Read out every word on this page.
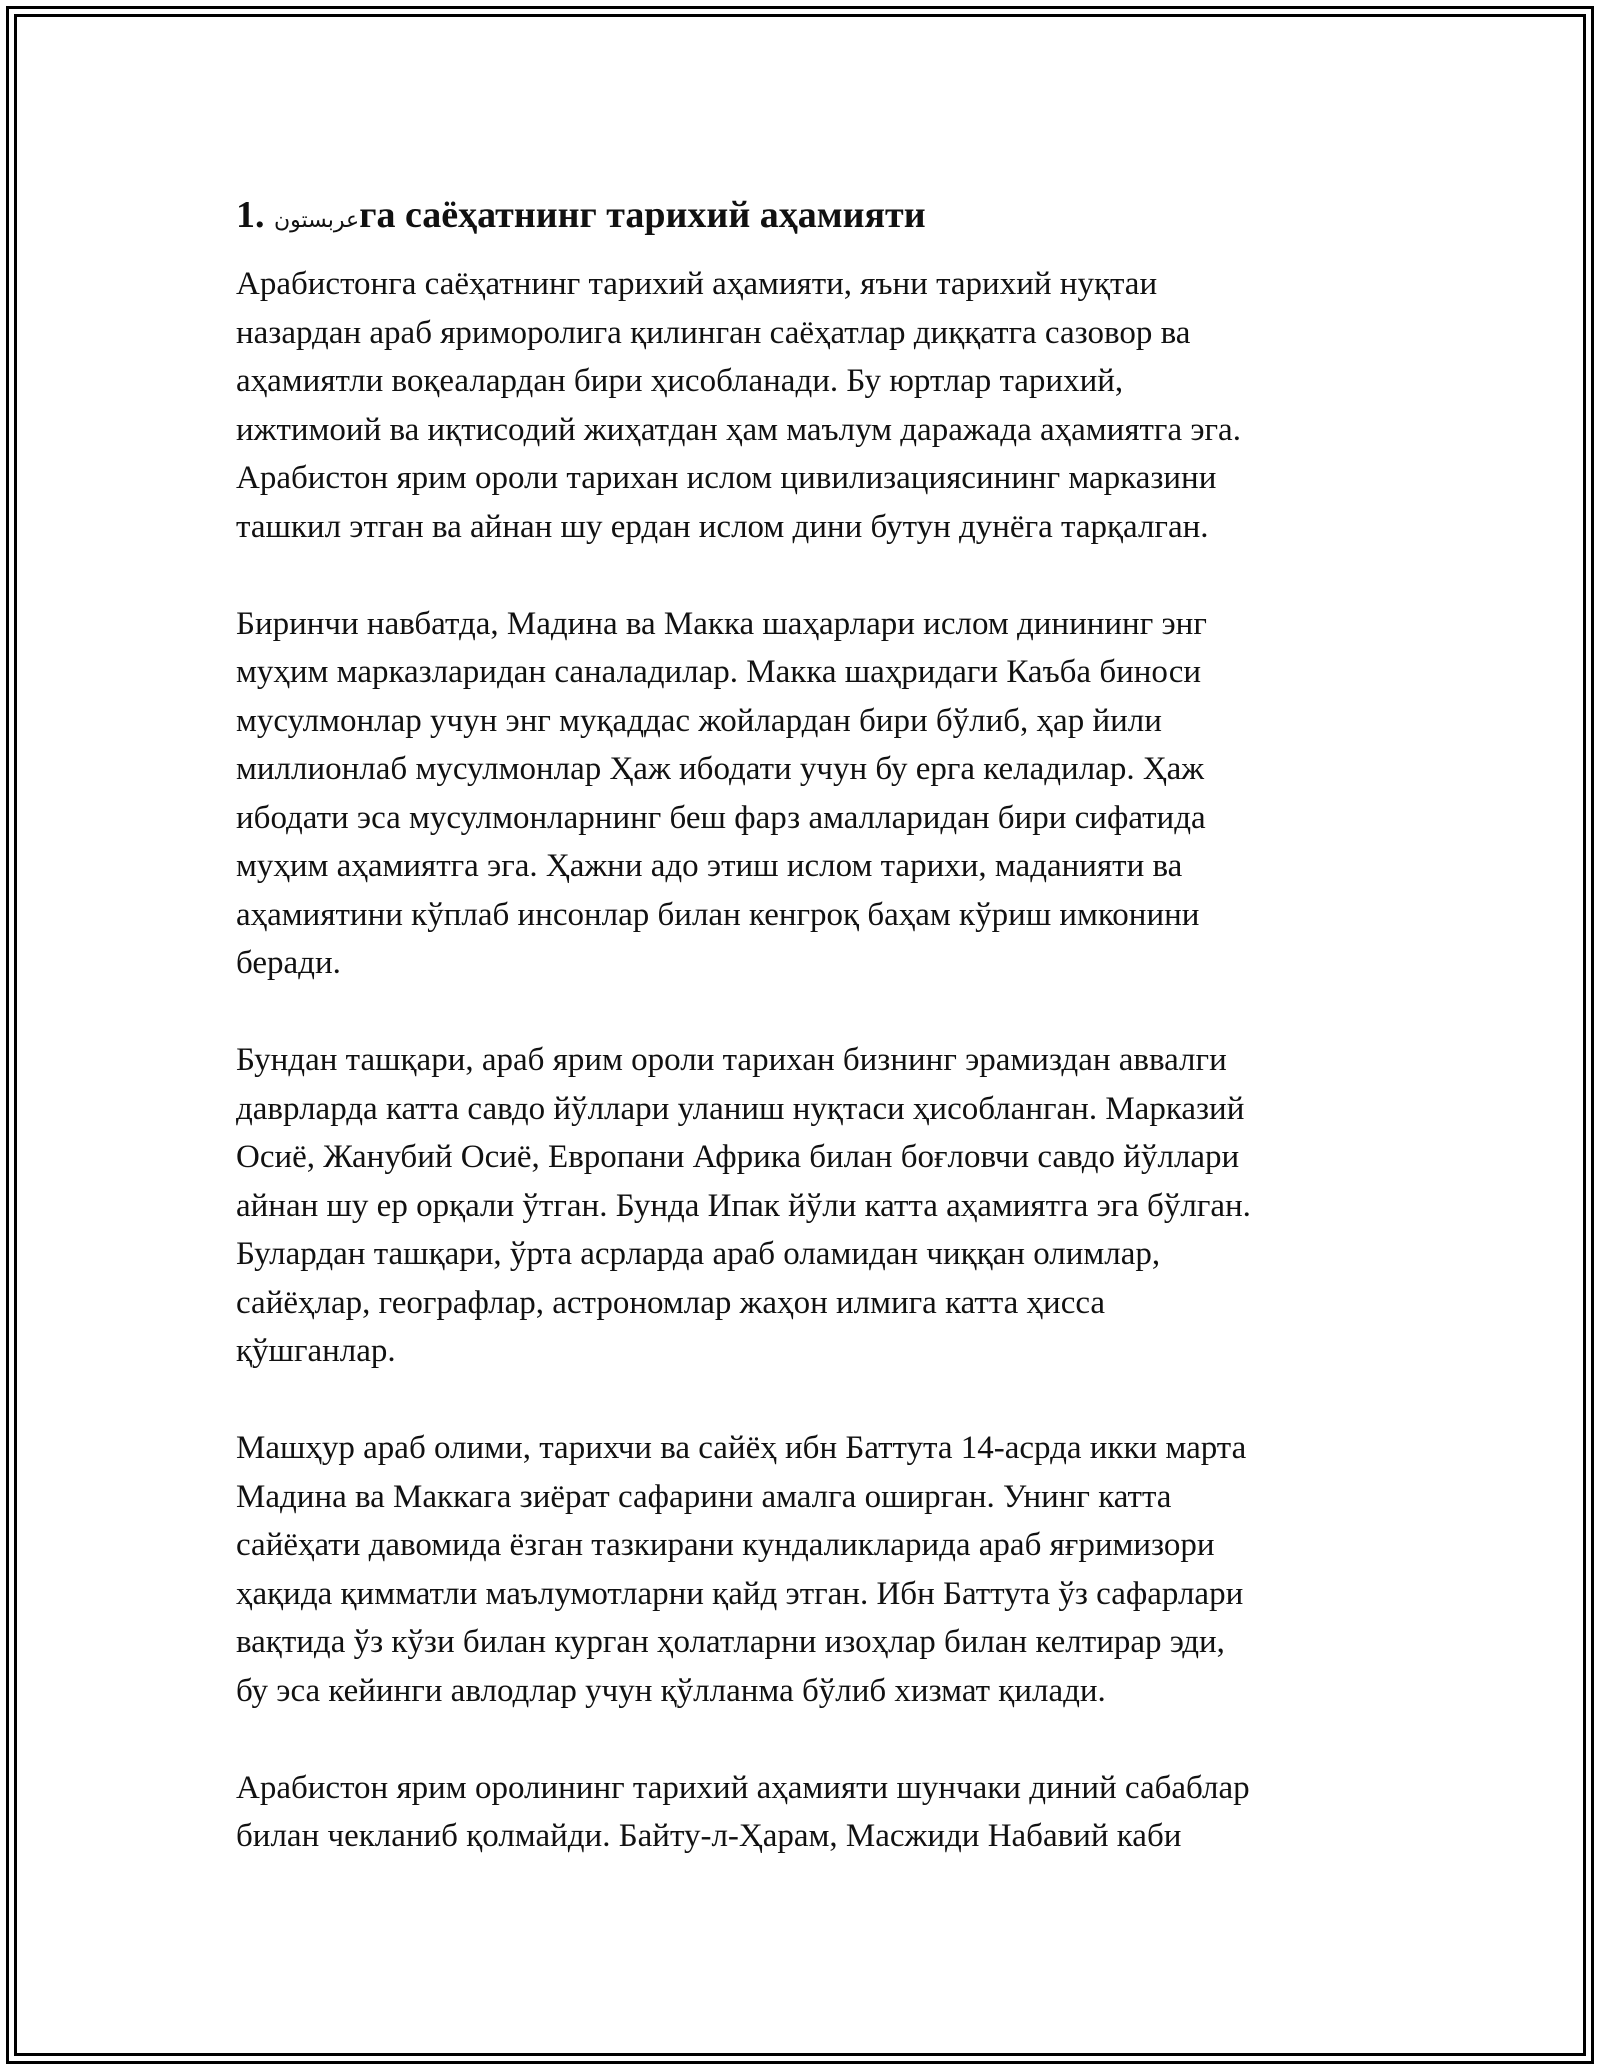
1. عربستونга саёҳатнинг тарихий аҳамияти

Арабистонга саёҳатнинг тарихий аҳамияти, яъни тарихий нуқтаи
назардан араб яриморолига қилинган саёҳатлар диққатга сазовор ва
аҳамиятли воқеалардан бири ҳисобланади. Бу юртлар тарихий,
ижтимоий ва иқтисодий жиҳатдан ҳам маълум даражада аҳамиятга эга.
Арабистон ярим ороли тарихан ислом цивилизациясининг марказини
ташкил этган ва айнан шу ердан ислом дини бутун дунёга тарқалган.

Биринчи навбатда, Мадина ва Макка шаҳарлари ислом динининг энг
муҳим марказларидан саналадилар. Макка шаҳридаги Каъба биноси
мусулмонлар учун энг муқаддас жойлардан бири бўлиб, ҳар йили
миллионлаб мусулмонлар Ҳаж ибодати учун бу ерга келадилар. Ҳаж
ибодати эса мусулмонларнинг беш фарз амалларидан бири сифатида
муҳим аҳамиятга эга. Ҳажни адо этиш ислом тарихи, маданияти ва
аҳамиятини кўплаб инсонлар билан кенгроқ баҳам кўриш имконини
беради.

Бундан ташқари, араб ярим ороли тарихан бизнинг эрамиздан аввалги
даврларда катта савдо йўллари уланиш нуқтаси ҳисобланган. Марказий
Осиё, Жанубий Осиё, Европани Африка билан боғловчи савдо йўллари
айнан шу ер орқали ўтган. Бунда Ипак йўли катта аҳамиятга эга бўлган.
Булардан ташқари, ўрта асрларда араб оламидан чиққан олимлар,
сайёҳлар, географлар, астрономлар жаҳон илмига катта ҳисса
қўшганлар.

Машҳур араб олими, тарихчи ва сайёҳ ибн Баттута 14-асрда икки марта
Мадина ва Маккага зиёрат сафарини амалга оширган. Унинг катта
сайёҳати давомида ёзган тазкирани кундаликларида араб яғримизори
ҳақида қимматли маълумотларни қайд этган. Ибн Баттута ўз сафарлари
вақтида ўз кўзи билан курган ҳолатларни изоҳлар билан келтирар эди,
бу эса кейинги авлодлар учун қўлланма бўлиб хизмат қилади.

Арабистон ярим оролининг тарихий аҳамияти шунчаки диний сабаблар
билан чекланиб қолмайди. Байту-л-Ҳарам, Масжиди Набавий каби
